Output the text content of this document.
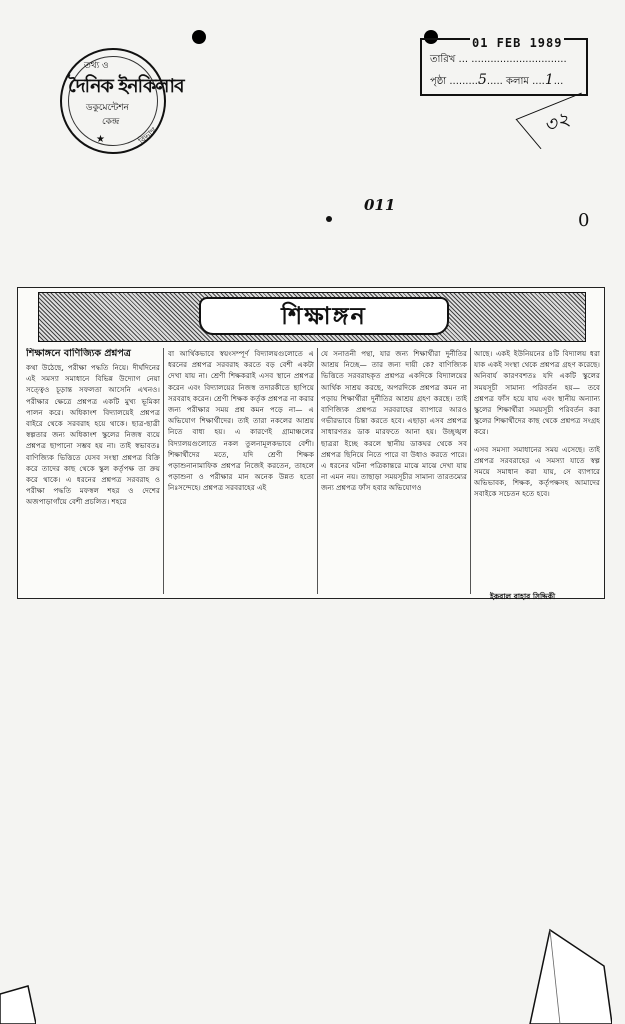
তথ্য ও
দৈনিক ইনকিলাব
ডকুমেন্টেশন
কেন্দ্র
★	বিভাগ
01 FEB 1989
তারিখ ... ..............................
পৃষ্ঠা .........5..... কলাম ....1...
৩২
011
0
শিক্ষাঙ্গন
শিক্ষাঙ্গনে বাণিজ্যিক প্রশ্নপত্র

কথা উঠেছে, পরীক্ষা পদ্ধতি নিয়ে। দীর্ঘদিনের এই সমস্যা সমাধানে বিভিন্ন উদ্যোগ নেয়া সত্ত্বেও চূড়ান্ত সফলতা আসেনি এখনও। পরীক্ষার ক্ষেত্রে প্রশ্নপত্র একটি মুখ্য ভূমিকা পালন করে। অধিকাংশ বিদ্যালয়েই প্রশ্নপত্র বাইরে থেকে সরবরাহ হয়ে থাকে। ছাত্র-ছাত্রী স্বল্পতার জন্য অধিকাংশ স্কুলের নিজস্ব ব্যয়ে প্রশ্নপত্র ছাপানো সম্ভব হয় না। তাই স্বভাবতঃ বাণিজ্যিক ভিত্তিতে যেসব সংস্থা প্রশ্নপত্র বিক্রি করে তাদের কাছ থেকে স্কুল কর্তৃপক্ষ তা ক্রয় করে থাকে। এ ধরনের প্রশ্নপত্র সরবরাহ ও পরীক্ষা পদ্ধতি মফস্বল শহর ও দেশের অজপাড়াগাঁয়ে বেশী প্রচলিত। শহরে

বা আর্থিকভাবে স্বয়ংসম্পূর্ণ বিদ্যালয়গুলোতে এ ধরনের প্রশ্নপত্র সরবরাহ করতে বড় বেশী একটা দেখা যায় না। শ্রেণী শিক্ষকরাই এসব স্থানে প্রশ্নপত্র করেন এবং বিদ্যালয়ের নিজস্ব তদারকীতে ছাপিয়ে সরবরাহ করেন। শ্রেণী শিক্ষক কর্তৃক প্রশ্নপত্র না করার জন্য পরীক্ষার সময় প্রশ্ন কমন পড়ে না— এ অভিযোগ শিক্ষার্থীদের। তাই তারা নকলের আশ্রয় নিতে বাধ্য হয়। এ কারণেই গ্রামাঞ্চলের বিদ্যালয়গুলোতে নকল তুলনামূলকভাবে বেশী। শিক্ষার্থীদের মতে, যদি শ্রেণী শিক্ষক পড়াশুনানামাফিক প্রশ্নপত্র নিজেই করতেন, তাহলে পড়াশুনা ও পরীক্ষার মান অনেক উন্নত হতো নিঃসন্দেহে। প্রশ্নপত্র সরবরাহের এই

যে সনাতনী পন্থা, যার জন্য শিক্ষার্থীরা দুর্নীতির আশ্রয় নিচ্ছে— তার জন্য দায়ী কে? বাণিজ্যিক ভিত্তিতে সরবরাহকৃত প্রশ্নপত্র একদিকে বিদ্যালয়ের আর্থিক সাশ্রয় করছে, অপরদিকে প্রশ্নপত্র কমন না পড়ায় শিক্ষার্থীরা দুর্নীতির আশ্রয় গ্রহণ করছে। তাই বাণিজ্যিক প্রশ্নপত্র সরবরাহের ব্যাপারে আরও গভীরভাবে চিন্তা করতে হবে। এছাড়া এসব প্রশ্নপত্র সাধারণতঃ ডাক মারফতে আনা হয়। উচ্ছৃঙ্খল ছাত্ররা ইচ্ছে করলে স্থানীয় ডাকঘর থেকে সব প্রশ্নপত্র ছিনিয়ে নিতে পারে বা উধাও করতে পারে। এ ধরনের ঘটনা পত্রিকান্তরে মাঝে মাঝে দেখা যায় না এমন নয়। তাছাড়া সময়সূচীর সামান্য তারতম্যের জন্য প্রশ্নপত্র ফাঁস হবার অভিযোগও

আছে। একই ইউনিয়নের ৪টি বিদ্যালয় ধরা যাক একই সংস্থা থেকে প্রশ্নপত্র গ্রহণ করেছে। অনিবার্য কারণবশতঃ যদি একটি স্কুলের সময়সূচী সামান্য পরিবর্তন হয়— তবে প্রশ্নপত্র ফাঁস হয়ে যায় এবং স্থানীয় অন্যান্য স্কুলের শিক্ষার্থীরা সময়সূচী পরিবর্তন করা স্কুলের শিক্ষার্থীদের কাছ থেকে প্রশ্নপত্র সংগ্রহ করে।

এসব সমস্যা সমাধানের সময় এসেছে। তাই প্রশ্নপত্র সরবরাহের এ সমস্যা যাতে স্বল্প সময়ে সমাধান করা যায়, সে ব্যাপারে অভিভাবক, শিক্ষক, কর্তৃপক্ষসহ আমাদের সবাইকে সচেতন হতে হবে।

ইকবাল বাহার সিদ্দিকী
